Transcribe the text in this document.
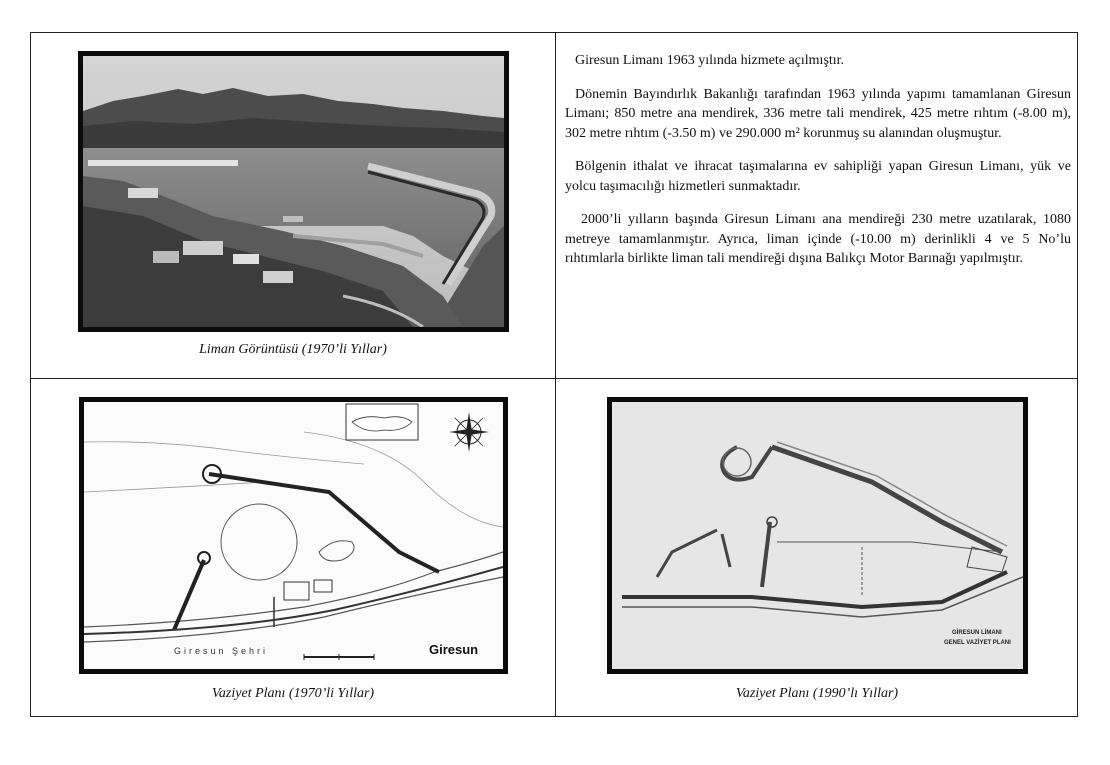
Liman Görüntüsü (1970’li Yıllar)

Giresun Limanı 1963 yılında hizmete açılmıştır.

Dönemin Bayındırlık Bakanlığı tarafından 1963 yılında yapımı tamamlanan Giresun Limanı; 850 metre ana mendirek, 336 metre tali mendirek, 425 metre rıhtım (-8.00 m), 302 metre rıhtım (-3.50 m) ve 290.000 m² korunmuş su alanından oluşmuştur.

Bölgenin ithalat ve ihracat taşımalarına ev sahipliği yapan Giresun Limanı, yük ve yolcu taşımacılığı hizmetleri sunmaktadır.

2000’li yılların başında Giresun Limanı ana mendireği 230 metre uzatılarak, 1080 metreye tamamlanmıştır. Ayrıca, liman içinde (-10.00 m) derinlikli 4 ve 5 No’lu rıhtımlarla birlikte liman tali mendireği dışına Balıkçı Motor Barınağı yapılmıştır.

Giresun Şehri	Giresun
Vaziyet Planı (1970’li Yıllar)
GİRESUN LİMANI
GENEL VAZİYET PLANI
Vaziyet Planı (1990’lı Yıllar)
